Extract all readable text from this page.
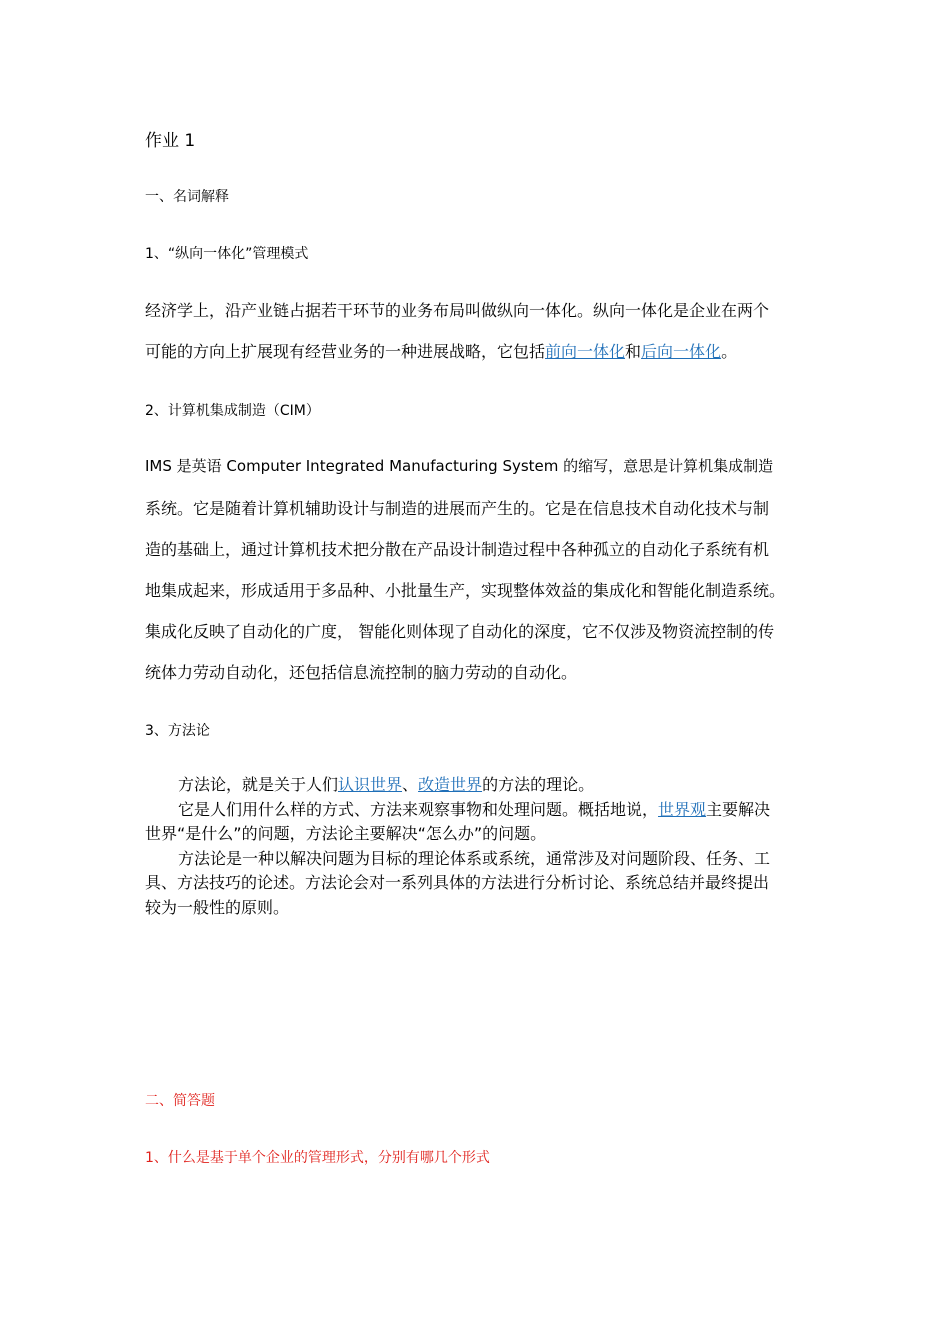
作业 1
一、名词解释
1、“纵向一体化”管理模式
经济学上，沿产业链占据若干环节的业务布局叫做纵向一体化。纵向一体化是企业在两个
可能的方向上扩展现有经营业务的一种进展战略，它包括前向一体化和后向一体化。
2、计算机集成制造（CIM）
IMS 是英语 Computer Integrated Manufacturing System 的缩写，意思是计算机集成制造
系统。它是随着计算机辅助设计与制造的进展而产生的。它是在信息技术自动化技术与制
造的基础上，通过计算机技术把分散在产品设计制造过程中各种孤立的自动化子系统有机
地集成起来，形成适用于多品种、小批量生产，实现整体效益的集成化和智能化制造系统。
集成化反映了自动化的广度， 智能化则体现了自动化的深度，它不仅涉及物资流控制的传
统体力劳动自动化，还包括信息流控制的脑力劳动的自动化。
3、方法论
方法论，就是关于人们认识世界、改造世界的方法的理论。
它是人们用什么样的方式、方法来观察事物和处理问题。概括地说，世界观主要解决
世界“是什么”的问题，方法论主要解决“怎么办”的问题。
方法论是一种以解决问题为目标的理论体系或系统，通常涉及对问题阶段、任务、工
具、方法技巧的论述。方法论会对一系列具体的方法进行分析讨论、系统总结并最终提出
较为一般性的原则。
二、简答题
1、什么是基于单个企业的管理形式，分别有哪几个形式
